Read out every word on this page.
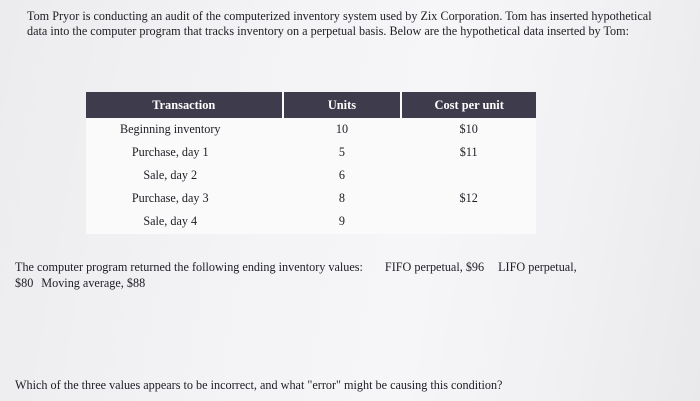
Tom Pryor is conducting an audit of the computerized inventory system used by Zix Corporation. Tom has inserted hypothetical data into the computer program that tracks inventory on a perpetual basis. Below are the hypothetical data inserted by Tom:

Transaction	Units	Cost per unit
Beginning inventory	10	$10
Purchase, day 1	5	$11
Sale, day 2	6	
Purchase, day 3	8	$12
Sale, day 4	9	

The computer program returned the following ending inventory values: FIFO perpetual, $96 LIFO perpetual,
$80 Moving average, $88

Which of the three values appears to be incorrect, and what "error" might be causing this condition?
